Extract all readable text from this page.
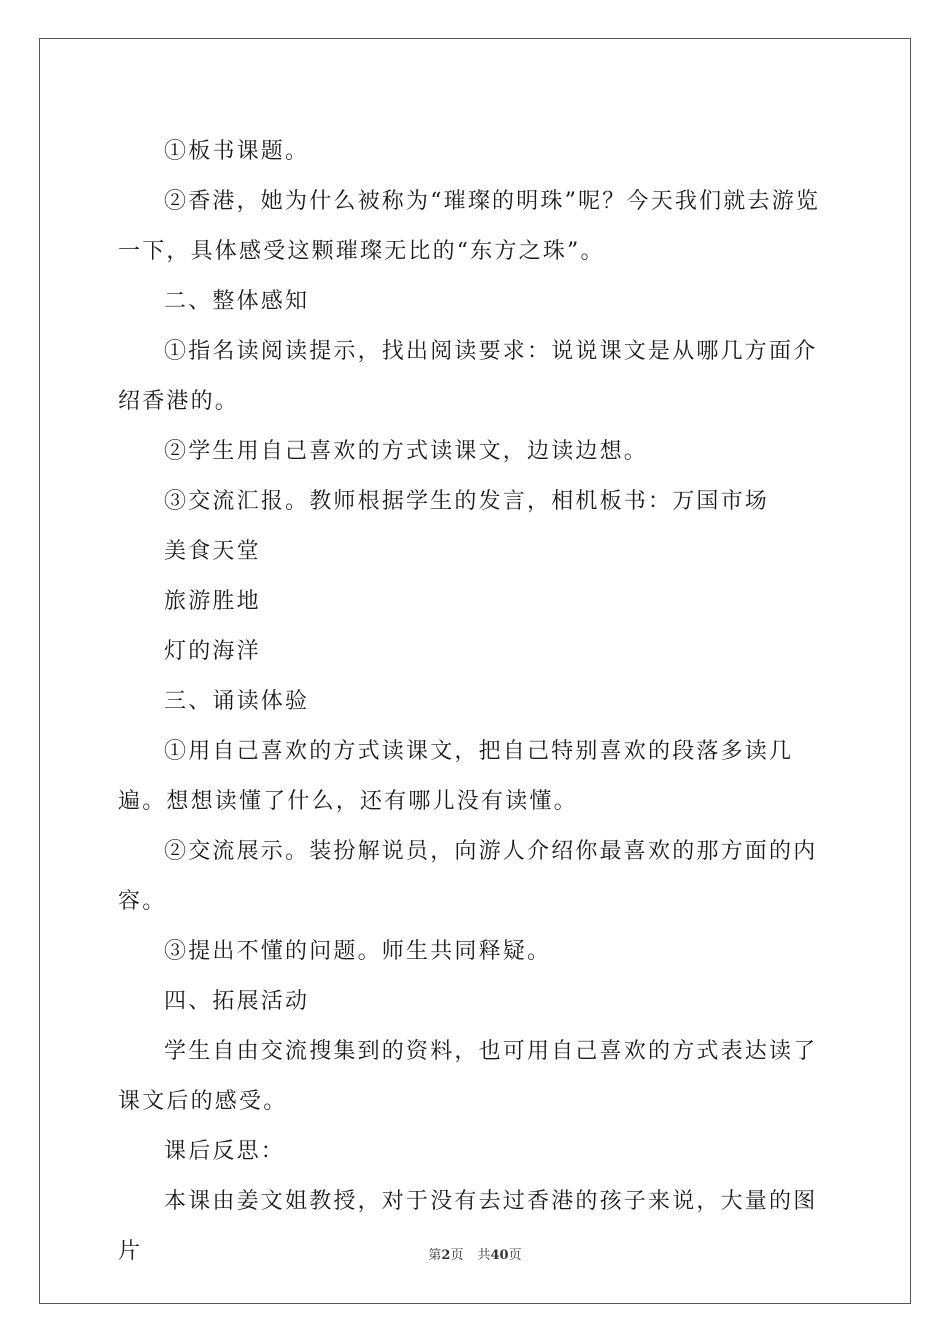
①板书课题。

②香港，她为什么被称为“璀璨的明珠”呢？今天我们就去游览一下，具体感受这颗璀璨无比的“东方之珠”。

二、整体感知

①指名读阅读提示，找出阅读要求：说说课文是从哪几方面介绍香港的。

②学生用自己喜欢的方式读课文，边读边想。

③交流汇报。教师根据学生的发言，相机板书：万国市场

美食天堂

旅游胜地

灯的海洋

三、诵读体验

①用自己喜欢的方式读课文，把自己特别喜欢的段落多读几遍。想想读懂了什么，还有哪儿没有读懂。

②交流展示。装扮解说员，向游人介绍你最喜欢的那方面的内容。

③提出不懂的问题。师生共同释疑。

四、拓展活动

学生自由交流搜集到的资料，也可用自己喜欢的方式表达读了课文后的感受。

课后反思：

本课由姜文姐教授，对于没有去过香港的孩子来说，大量的图片	第2页 共40页
